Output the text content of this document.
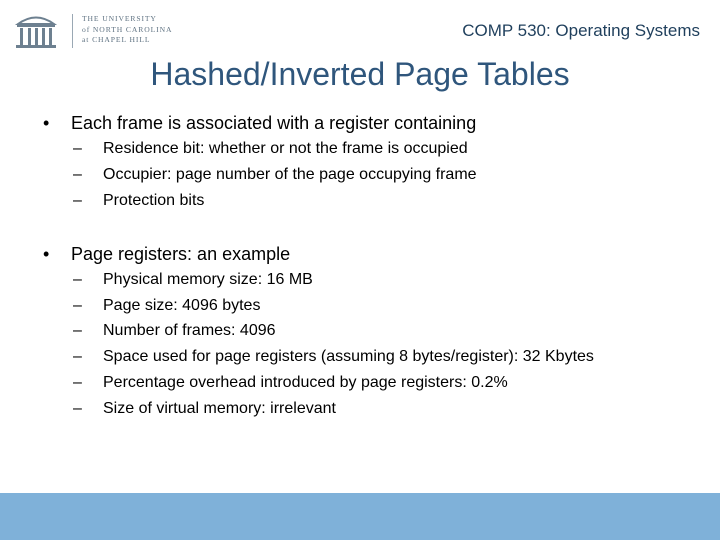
THE UNIVERSITY
of NORTH CAROLINA
at CHAPEL HILL	COMP 530: Operating Systems
Hashed/Inverted Page Tables
• Each frame is associated with a register containing
– Residence bit: whether or not the frame is occupied
– Occupier: page number of the page occupying frame
– Protection bits
• Page registers: an example
– Physical memory size: 16 MB
– Page size: 4096 bytes
– Number of frames: 4096
– Space used for page registers (assuming 8 bytes/register): 32 Kbytes
– Percentage overhead introduced by page registers: 0.2%
– Size of virtual memory: irrelevant
